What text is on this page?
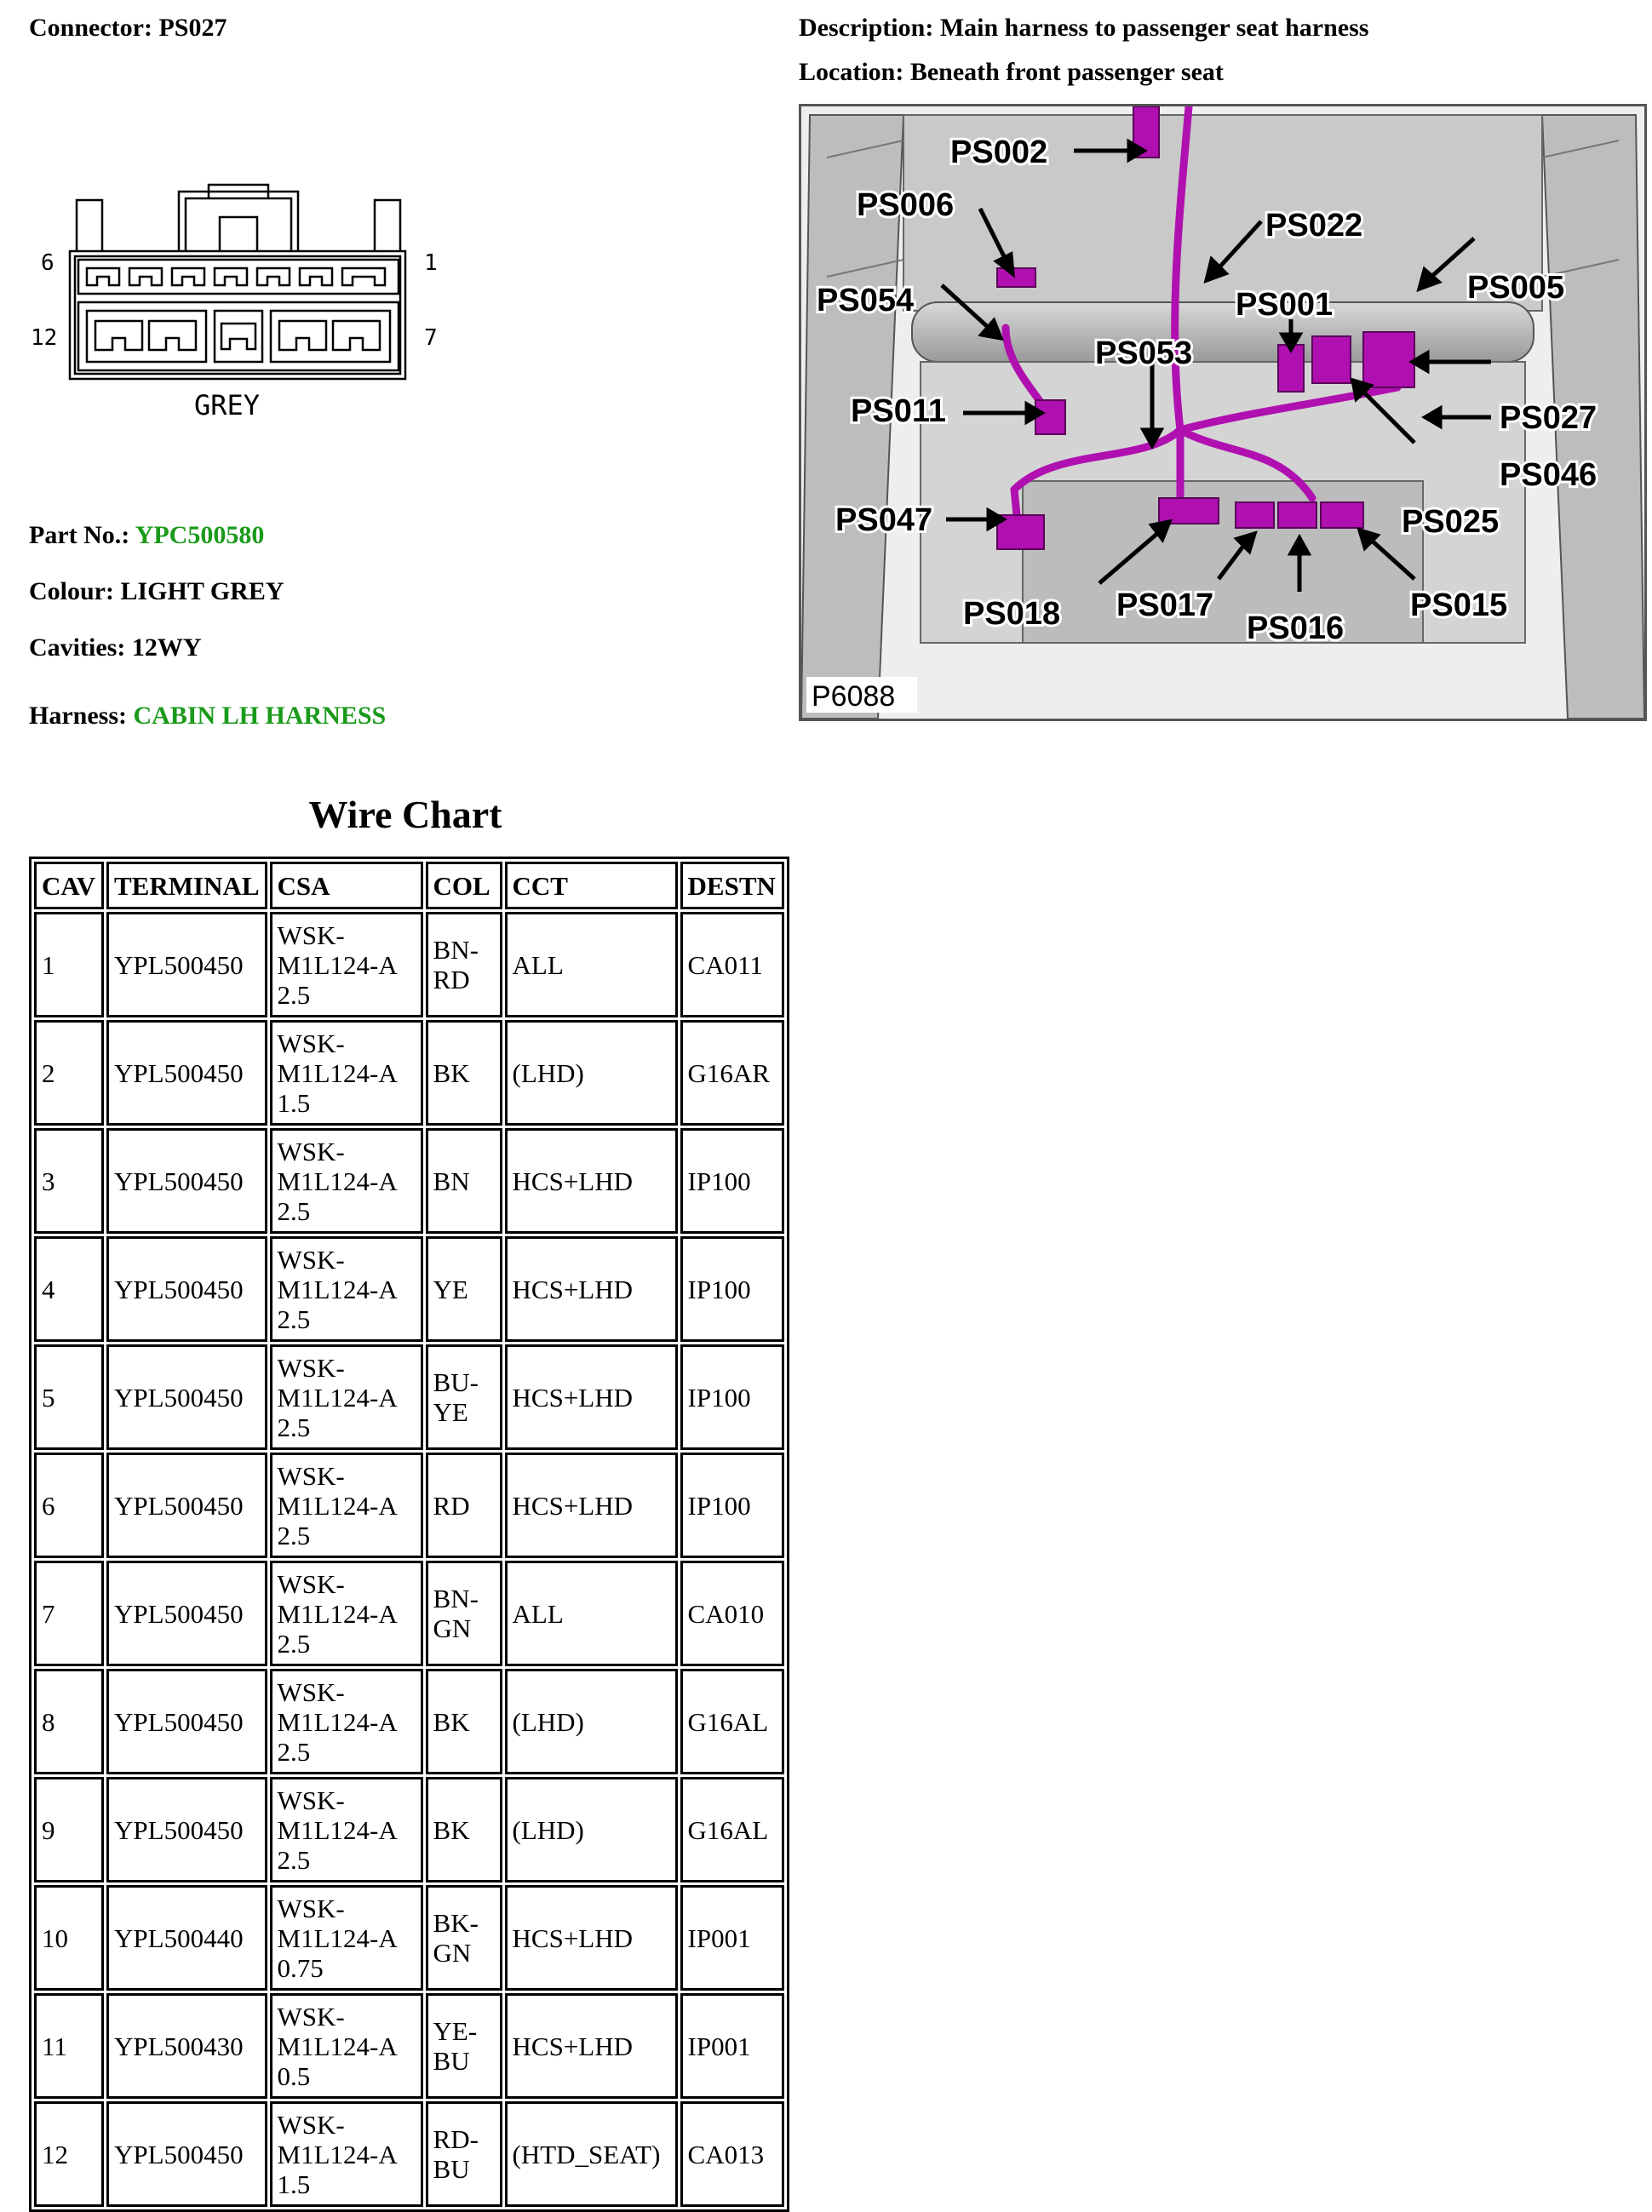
Connector: PS027	Description: Main harness to passenger seat harness
Location: Beneath front passenger seat
6
12
1
7
GREY
Part No.: YPC500580
Colour: LIGHT GREY
Cavities: 12WY
Harness: CABIN LH HARNESS
PS002
PS006
PS022
PS054	PS001	PS005
PS053
PS011	PS027
PS046
PS047	PS025
PS018 PS017
PS016
PS015
P6088
Wire Chart
CAV	TERMINAL	CSA	COL	CCT	DESTN
1	YPL500450	WSK-
M1L124-A
2.5	BN-
RD	ALL	CA011
2	YPL500450	WSK-
M1L124-A
1.5	BK	(LHD)	G16AR
3	YPL500450	WSK-
M1L124-A
2.5	BN	HCS+LHD	IP100
4	YPL500450	WSK-
M1L124-A
2.5	YE	HCS+LHD	IP100
5	YPL500450	WSK-
M1L124-A
2.5	BU-
YE	HCS+LHD	IP100
6	YPL500450	WSK-
M1L124-A
2.5	RD	HCS+LHD	IP100
7	YPL500450	WSK-
M1L124-A
2.5	BN-
GN	ALL	CA010
8	YPL500450	WSK-
M1L124-A
2.5	BK	(LHD)	G16AL
9	YPL500450	WSK-
M1L124-A
2.5	BK	(LHD)	G16AL
10	YPL500440	WSK-
M1L124-A
0.75	BK-
GN	HCS+LHD	IP001
11	YPL500430	WSK-
M1L124-A
0.5	YE-
BU	HCS+LHD	IP001
12	YPL500450	WSK-
M1L124-A
1.5	RD-
BU	(HTD_SEAT)	CA013
